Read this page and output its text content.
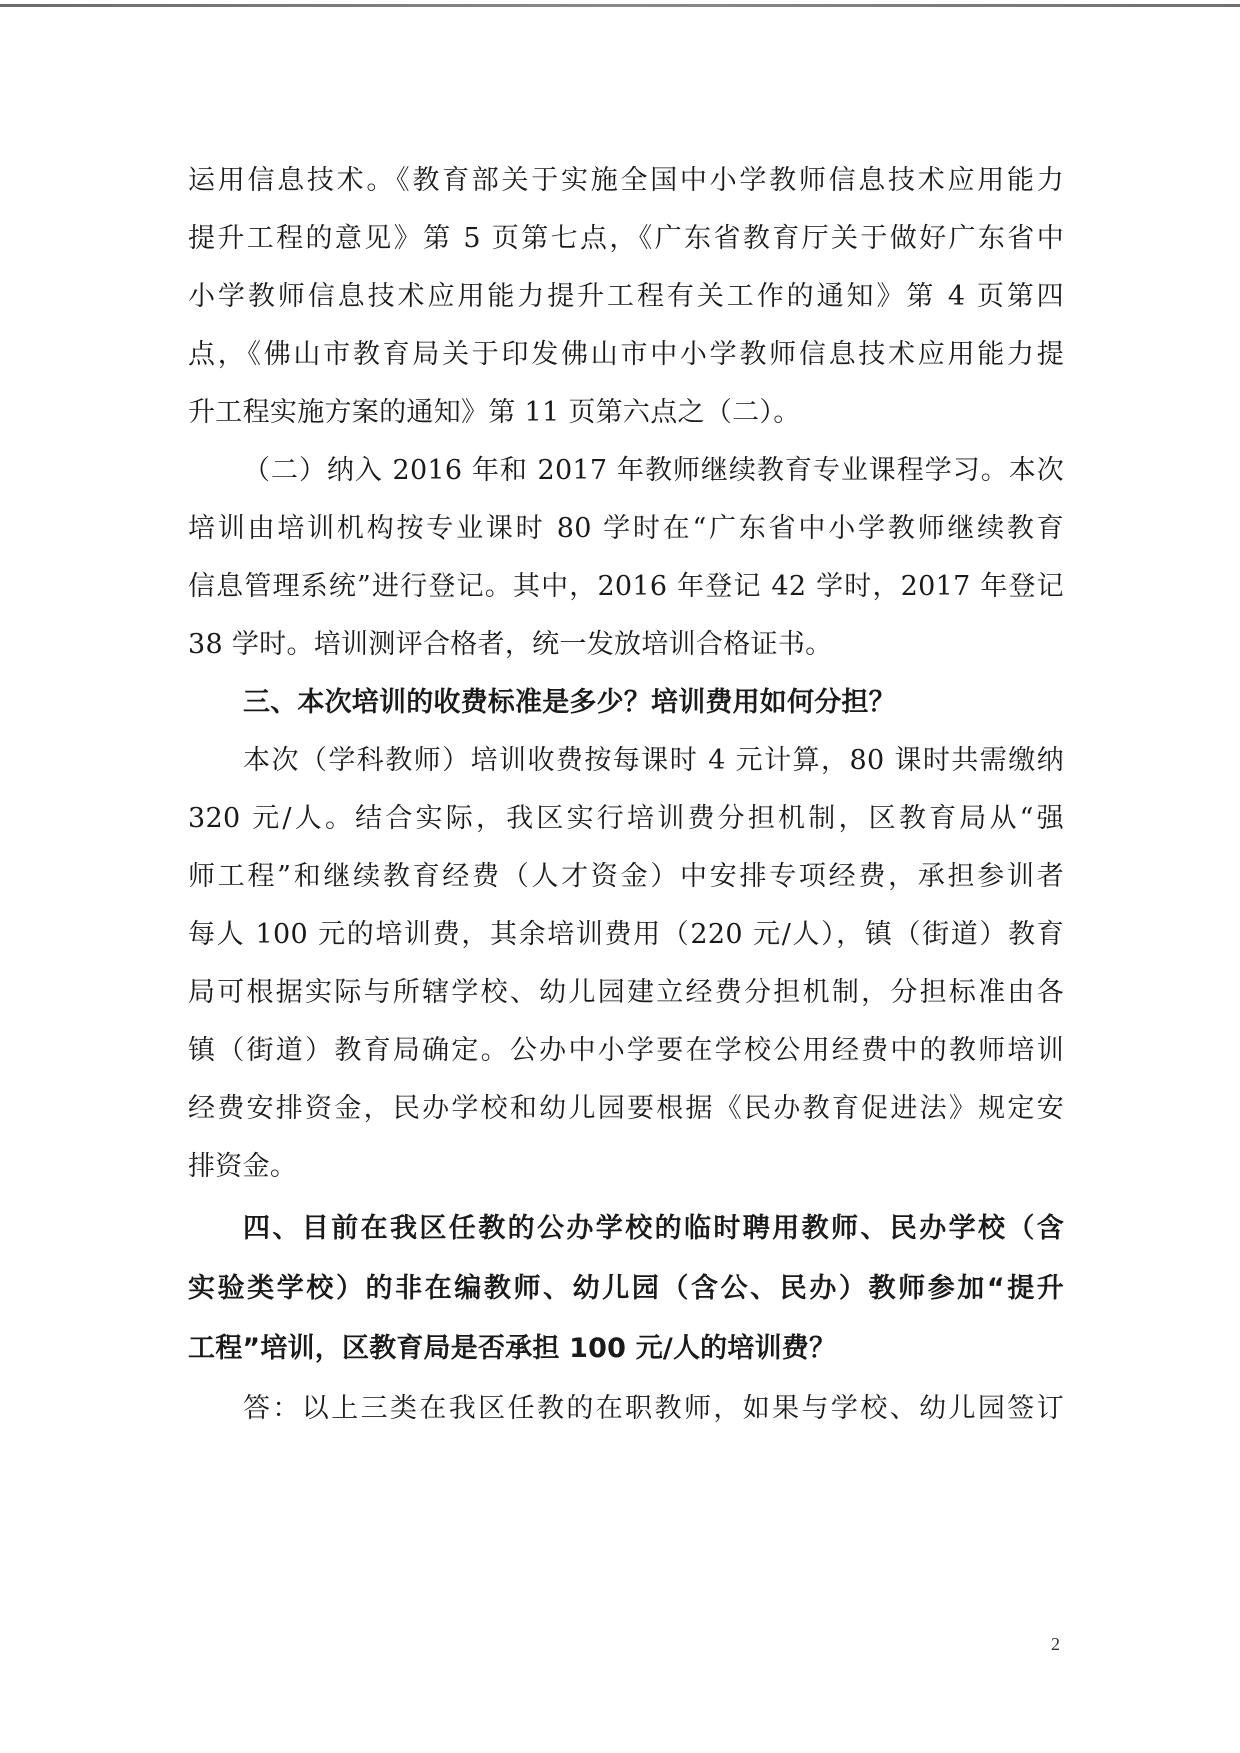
运用信息技术。《教育部关于实施全国中小学教师信息技术应用能力
提升工程的意见》第 5 页第七点，《广东省教育厅关于做好广东省中
小学教师信息技术应用能力提升工程有关工作的通知》第 4 页第四
点，《佛山市教育局关于印发佛山市中小学教师信息技术应用能力提
升工程实施方案的通知》第 11 页第六点之（二）。
（二）纳入 2016 年和 2017 年教师继续教育专业课程学习。本次
培训由培训机构按专业课时 80 学时在“广东省中小学教师继续教育
信息管理系统”进行登记。其中，2016 年登记 42 学时，2017 年登记
38 学时。培训测评合格者，统一发放培训合格证书。
三、本次培训的收费标准是多少？培训费用如何分担？
本次（学科教师）培训收费按每课时 4 元计算，80 课时共需缴纳
320 元/人。结合实际，我区实行培训费分担机制，区教育局从“强
师工程”和继续教育经费（人才资金）中安排专项经费，承担参训者
每人 100 元的培训费，其余培训费用（220 元/人），镇（街道）教育
局可根据实际与所辖学校、幼儿园建立经费分担机制，分担标准由各
镇（街道）教育局确定。公办中小学要在学校公用经费中的教师培训
经费安排资金，民办学校和幼儿园要根据《民办教育促进法》规定安
排资金。
四、目前在我区任教的公办学校的临时聘用教师、民办学校（含
实验类学校）的非在编教师、幼儿园（含公、民办）教师参加“提升
工程”培训，区教育局是否承担 100 元/人的培训费？
答：以上三类在我区任教的在职教师，如果与学校、幼儿园签订
2
